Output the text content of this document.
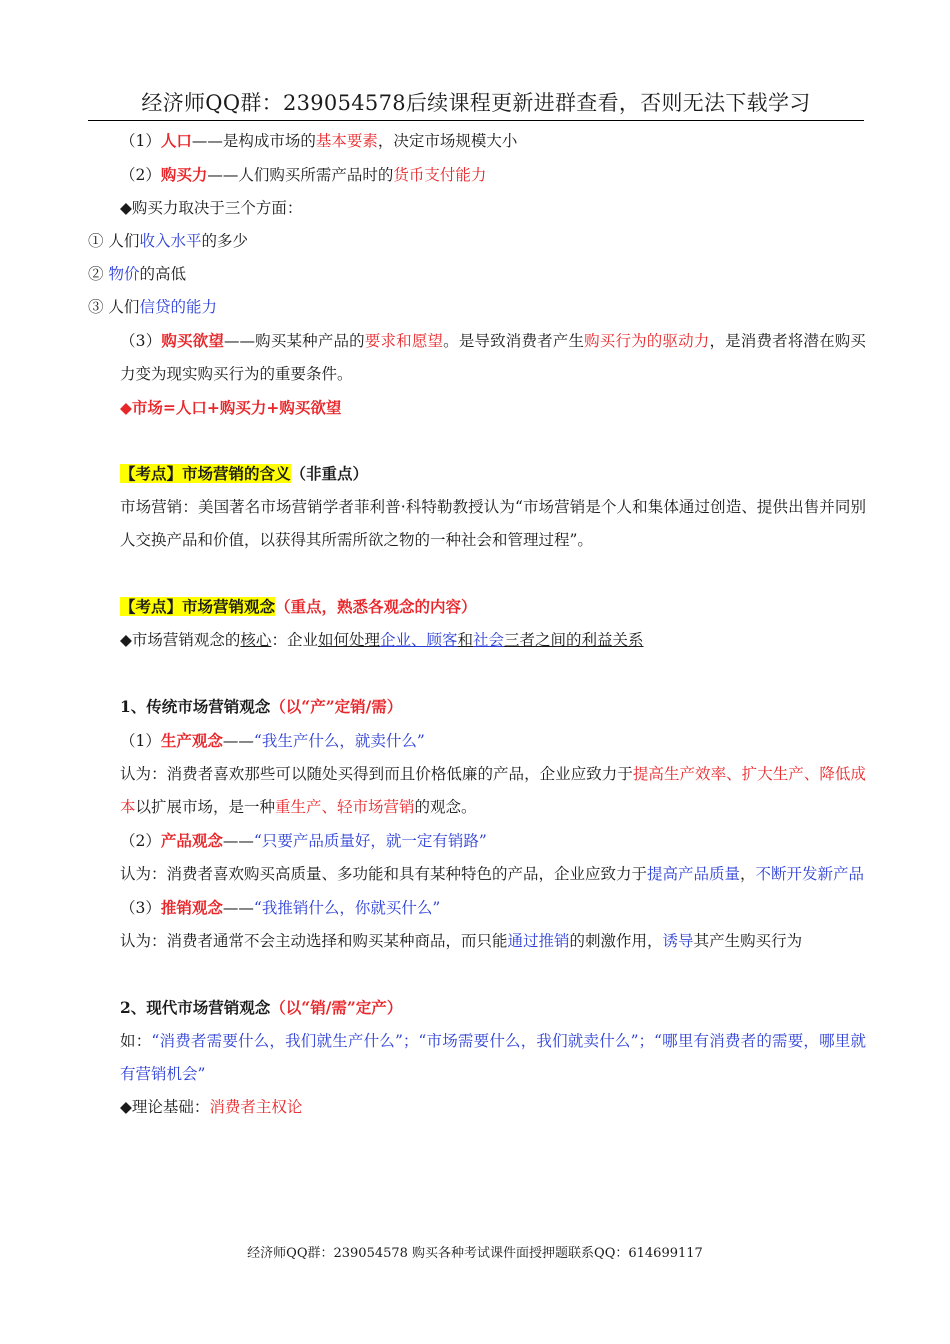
经济师QQ群：239054578后续课程更新进群查看，否则无法下载学习

（1）人口——是构成市场的基本要素，决定市场规模大小

（2）购买力——人们购买所需产品时的货币支付能力

◆购买力取决于三个方面：

① 人们收入水平的多少

② 物价的高低

③ 人们信贷的能力

（3）购买欲望——购买某种产品的要求和愿望。是导致消费者产生购买行为的驱动力，是消费者将潜在购买力变为现实购买行为的重要条件。

◆市场=人口+购买力+购买欲望

【考点】市场营销的含义（非重点）

市场营销：美国著名市场营销学者菲利普·科特勒教授认为“市场营销是个人和集体通过创造、提供出售并同别人交换产品和价值，以获得其所需所欲之物的一种社会和管理过程”。

【考点】市场营销观念（重点，熟悉各观念的内容）

◆市场营销观念的核心：企业如何处理企业、顾客和社会三者之间的利益关系

1、传统市场营销观念（以“产”定销/需）

（1）生产观念——“我生产什么，就卖什么”

认为：消费者喜欢那些可以随处买得到而且价格低廉的产品，企业应致力于提高生产效率、扩大生产、降低成本以扩展市场，是一种重生产、轻市场营销的观念。

（2）产品观念——“只要产品质量好，就一定有销路”

认为：消费者喜欢购买高质量、多功能和具有某种特色的产品，企业应致力于提高产品质量，不断开发新产品

（3）推销观念——“我推销什么，你就买什么”

认为：消费者通常不会主动选择和购买某种商品，而只能通过推销的刺激作用，诱导其产生购买行为

2、现代市场营销观念（以“销/需”定产）

如：“消费者需要什么，我们就生产什么”；“市场需要什么，我们就卖什么”；“哪里有消费者的需要，哪里就有营销机会”

◆理论基础：消费者主权论

经济师QQ群：239054578 购买各种考试课件面授押题联系QQ：614699117
